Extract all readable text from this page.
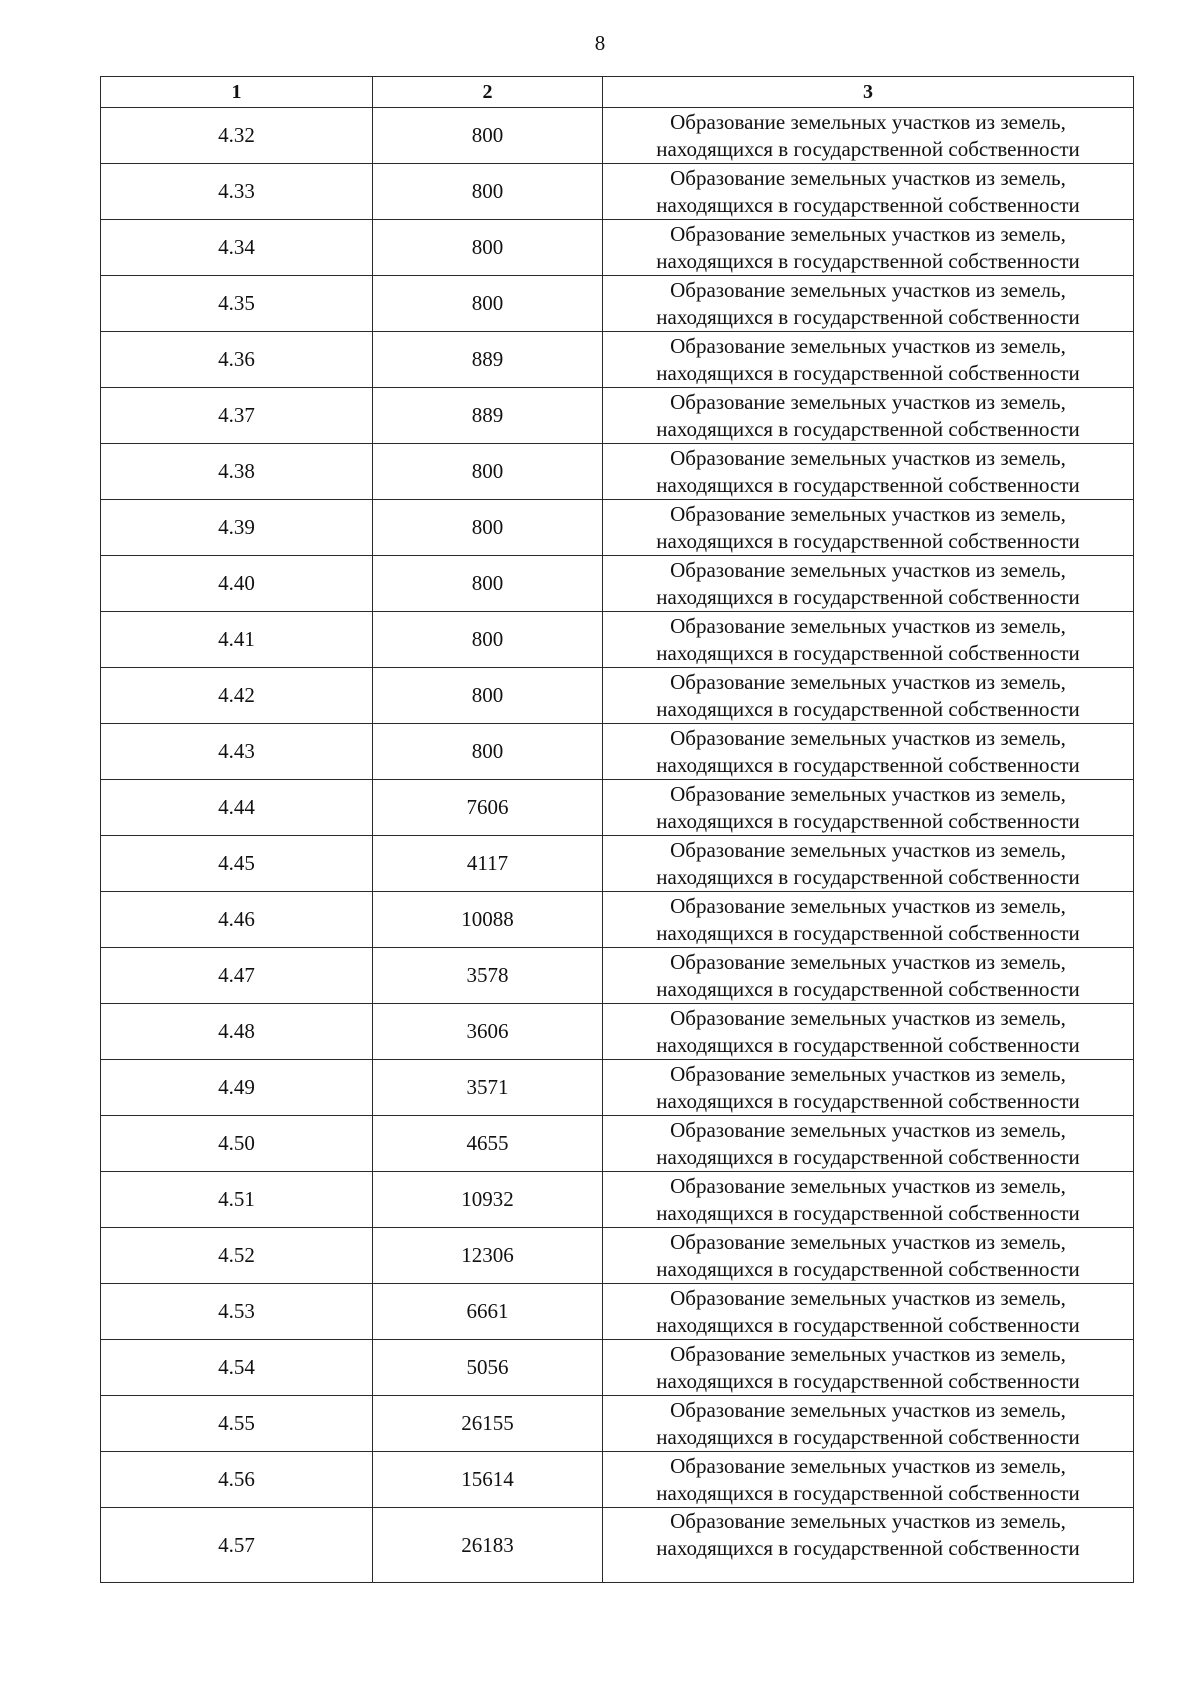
8
1	2	3
4.32	800	Образование земельных участков из земель,
находящихся в государственной собственности

4.33	800	Образование земельных участков из земель,
находящихся в государственной собственности

4.34	800	Образование земельных участков из земель,
находящихся в государственной собственности

4.35	800	Образование земельных участков из земель,
находящихся в государственной собственности

4.36	889	Образование земельных участков из земель,
находящихся в государственной собственности

4.37	889	Образование земельных участков из земель,
находящихся в государственной собственности

4.38	800	Образование земельных участков из земель,
находящихся в государственной собственности

4.39	800	Образование земельных участков из земель,
находящихся в государственной собственности

4.40	800	Образование земельных участков из земель,
находящихся в государственной собственности

4.41	800	Образование земельных участков из земель,
находящихся в государственной собственности

4.42	800	Образование земельных участков из земель,
находящихся в государственной собственности

4.43	800	Образование земельных участков из земель,
находящихся в государственной собственности

4.44	7606	Образование земельных участков из земель,
находящихся в государственной собственности

4.45	4117	Образование земельных участков из земель,
находящихся в государственной собственности

4.46	10088	Образование земельных участков из земель,
находящихся в государственной собственности

4.47	3578	Образование земельных участков из земель,
находящихся в государственной собственности

4.48	3606	Образование земельных участков из земель,
находящихся в государственной собственности

4.49	3571	Образование земельных участков из земель,
находящихся в государственной собственности

4.50	4655	Образование земельных участков из земель,
находящихся в государственной собственности

4.51	10932	Образование земельных участков из земель,
находящихся в государственной собственности

4.52	12306	Образование земельных участков из земель,
находящихся в государственной собственности

4.53	6661	Образование земельных участков из земель,
находящихся в государственной собственности

4.54	5056	Образование земельных участков из земель,
находящихся в государственной собственности

4.55	26155	Образование земельных участков из земель,
находящихся в государственной собственности

4.56	15614	Образование земельных участков из земель,
находящихся в государственной собственности

4.57	26183	Образование земельных участков из земель,
находящихся в государственной собственности
